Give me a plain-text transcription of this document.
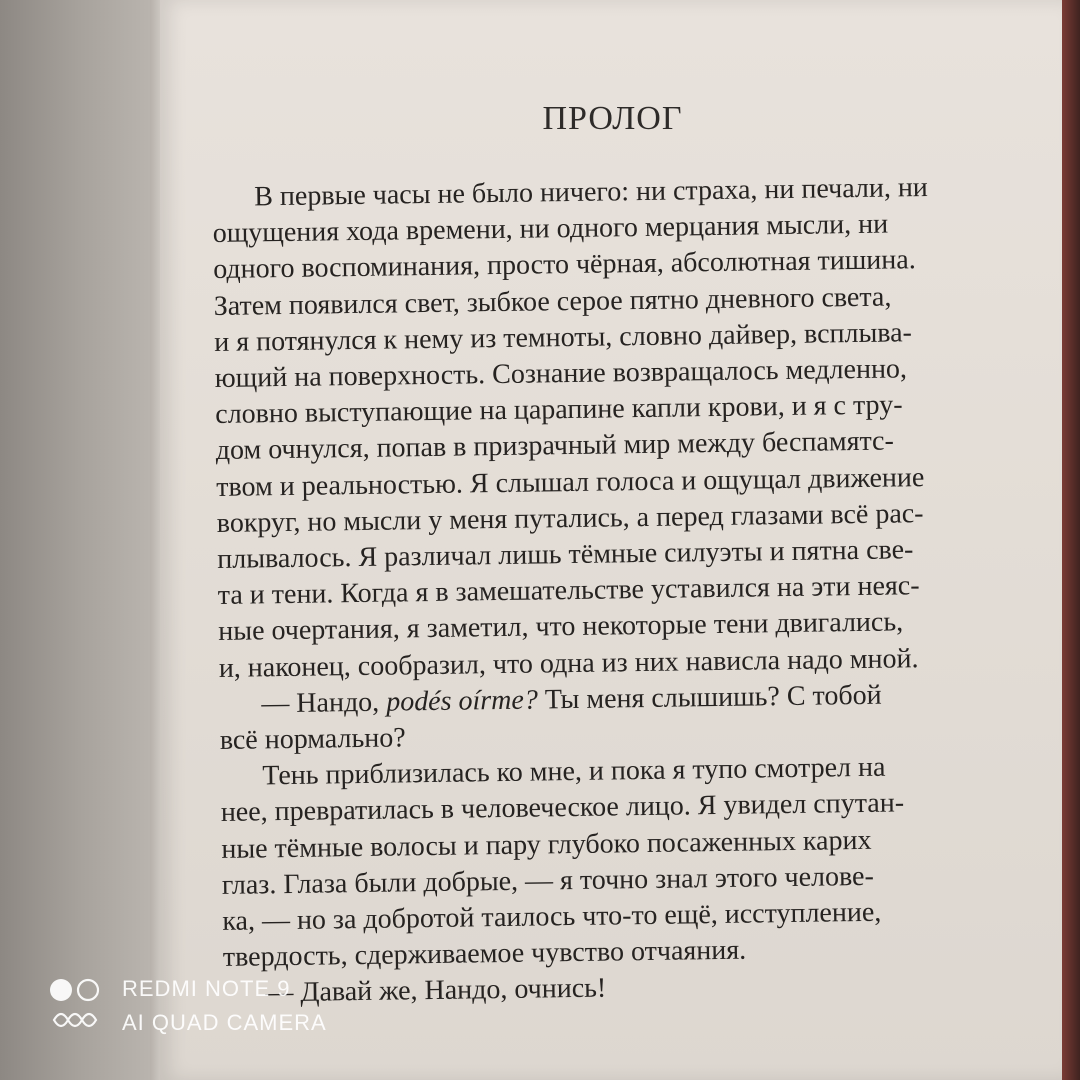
ПРОЛОГ
В первые часы не было ничего: ни страха, ни печали, ни
ощущения хода времени, ни одного мерцания мысли, ни
одного воспоминания, просто чёрная, абсолютная тишина.
Затем появился свет, зыбкое серое пятно дневного света,
и я потянулся к нему из темноты, словно дайвер, всплыва-
ющий на поверхность. Сознание возвращалось медленно,
словно выступающие на царапине капли крови, и я с тру-
дом очнулся, попав в призрачный мир между беспамятс-
твом и реальностью. Я слышал голоса и ощущал движение
вокруг, но мысли у меня путались, а перед глазами всё рас-
плывалось. Я различал лишь тёмные силуэты и пятна све-
та и тени. Когда я в замешательстве уставился на эти неяс-
ные очертания, я заметил, что некоторые тени двигались,
и, наконец, сообразил, что одна из них нависла надо мной.
— Нандо, podés oírme? Ты меня слышишь? С тобой
всё нормально?
Тень приблизилась ко мне, и пока я тупо смотрел на
нее, превратилась в человеческое лицо. Я увидел спутан-
ные тёмные волосы и пару глубоко посаженных карих
глаз. Глаза были добрые, — я точно знал этого челове-
ка, — но за добротой таилось что-то ещё, исступление,
твердость, сдерживаемое чувство отчаяния.
— Давай же, Нандо, очнись!
REDMI NOTE 9
AI QUAD CAMERA
